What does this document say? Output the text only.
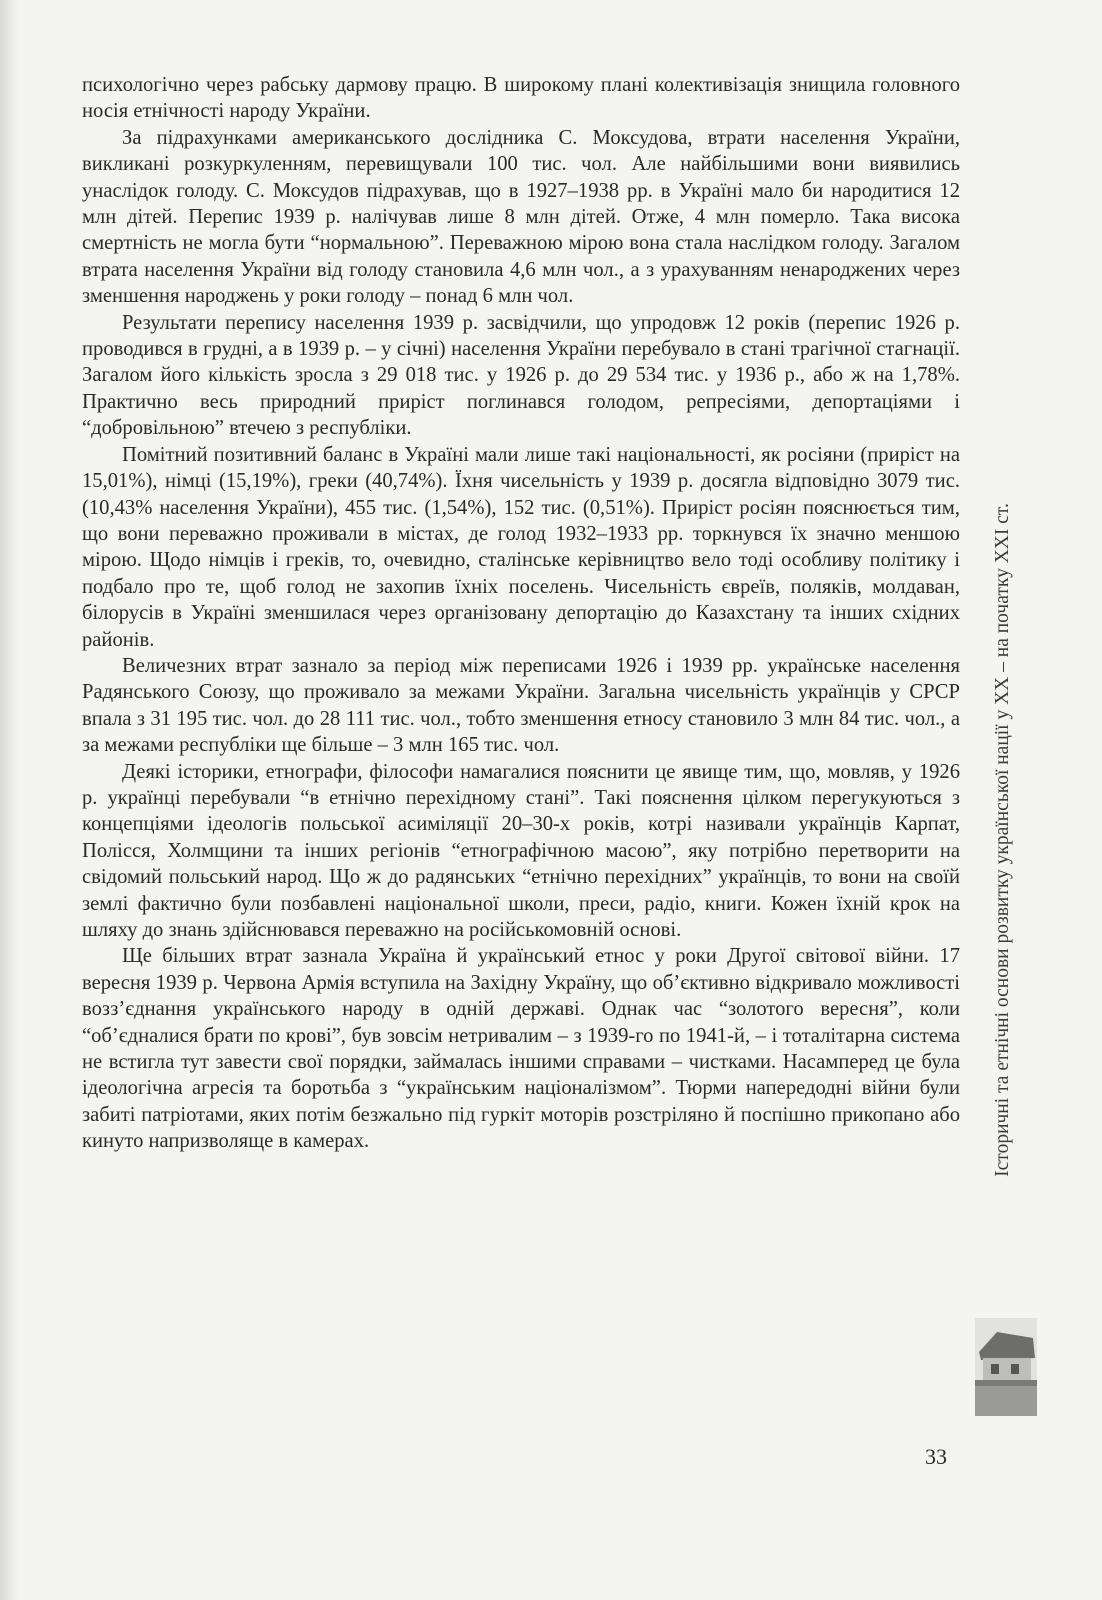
психологічно через рабську дармову працю. В широкому плані колективізація знищила головного носія етнічності народу України.

За підрахунками американського дослідника С. Моксудова, втрати населення України, викликані розкуркуленням, перевищували 100 тис. чол. Але найбільшими вони виявились унаслідок голоду. С. Моксудов підрахував, що в 1927–1938 рр. в Україні мало би народитися 12 млн дітей. Перепис 1939 р. налічував лише 8 млн дітей. Отже, 4 млн померло. Така висока смертність не могла бути “нормальною”. Переважною мірою вона стала наслідком голоду. Загалом втрата населення України від голоду становила 4,6 млн чол., а з урахуванням ненароджених через зменшення народжень у роки голоду – понад 6 млн чол.

Результати перепису населення 1939 р. засвідчили, що упродовж 12 років (перепис 1926 р. проводився в грудні, а в 1939 р. – у січні) населення України перебувало в стані трагічної стагнації. Загалом його кількість зросла з 29 018 тис. у 1926 р. до 29 534 тис. у 1936 р., або ж на 1,78%. Практично весь природний приріст поглинався голодом, репресіями, депортаціями і “добровільною” втечею з республіки.

Помітний позитивний баланс в Україні мали лише такі національності, як росіяни (приріст на 15,01%), німці (15,19%), греки (40,74%). Їхня чисельність у 1939 р. досягла відповідно 3079 тис. (10,43% населення України), 455 тис. (1,54%), 152 тис. (0,51%). Приріст росіян пояснюється тим, що вони переважно проживали в містах, де голод 1932–1933 рр. торкнувся їх значно меншою мірою. Щодо німців і греків, то, очевидно, сталінське керівництво вело тоді особливу політику і подбало про те, щоб голод не захопив їхніх поселень. Чисельність євреїв, поляків, молдаван, білорусів в Україні зменшилася через організовану депортацію до Казахстану та інших східних районів.

Величезних втрат зазнало за період між переписами 1926 і 1939 рр. українське населення Радянського Союзу, що проживало за межами України. Загальна чисельність українців у СРСР впала з 31 195 тис. чол. до 28 111 тис. чол., тобто зменшення етносу становило 3 млн 84 тис. чол., а за межами республіки ще більше – 3 млн 165 тис. чол.

Деякі історики, етнографи, філософи намагалися пояснити це явище тим, що, мовляв, у 1926 р. українці перебували “в етнічно перехідному стані”. Такі пояснення цілком перегукуються з концепціями ідеологів польської асиміляції 20–30-х років, котрі називали українців Карпат, Полісся, Холмщини та інших регіонів “етнографічною масою”, яку потрібно перетворити на свідомий польський народ. Що ж до радянських “етнічно перехідних” українців, то вони на своїй землі фактично були позбавлені національної школи, преси, радіо, книги. Кожен їхній крок на шляху до знань здійснювався переважно на російськомовній основі.

Ще більших втрат зазнала Україна й український етнос у роки Другої світової війни. 17 вересня 1939 р. Червона Армія вступила на Західну Україну, що об’єктивно відкривало можливості возз’єднання українського народу в одній державі. Однак час “золотого вересня”, коли “об’єдналися брати по крові”, був зовсім нетривалим – з 1939-го по 1941-й, – і тоталітарна система не встигла тут завести свої порядки, займалась іншими справами – чистками. Насамперед це була ідеологічна агресія та боротьба з “українським націоналізмом”. Тюрми напередодні війни були забиті патріотами, яких потім безжально під гуркіт моторів розстріляно й поспішно прикопано або кинуто напризволяще в камерах.	Історичні та етнічні основи розвитку української нації у XX – на початку XXI ст.
33
